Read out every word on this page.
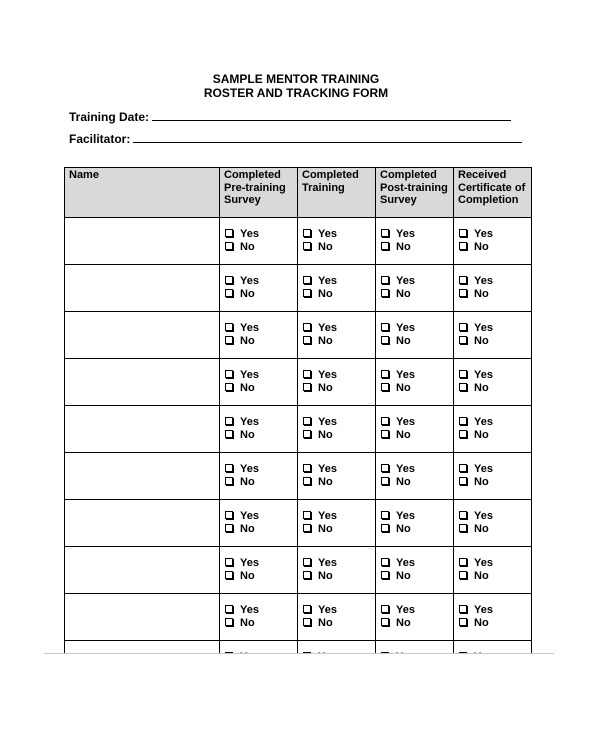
SAMPLE MENTOR TRAINING
ROSTER AND TRACKING FORM
Training Date:
Facilitator:
Name	Completed
Pre-training
Survey	Completed
Training	Completed
Post-training
Survey	Received
Certificate of
Completion

	Yes
No	Yes
No	Yes
No	Yes
No

	Yes
No	Yes
No	Yes
No	Yes
No

	Yes
No	Yes
No	Yes
No	Yes
No

	Yes
No	Yes
No	Yes
No	Yes
No

	Yes
No	Yes
No	Yes
No	Yes
No

	Yes
No	Yes
No	Yes
No	Yes
No

	Yes
No	Yes
No	Yes
No	Yes
No

	Yes
No	Yes
No	Yes
No	Yes
No

	Yes
No	Yes
No	Yes
No	Yes
No
